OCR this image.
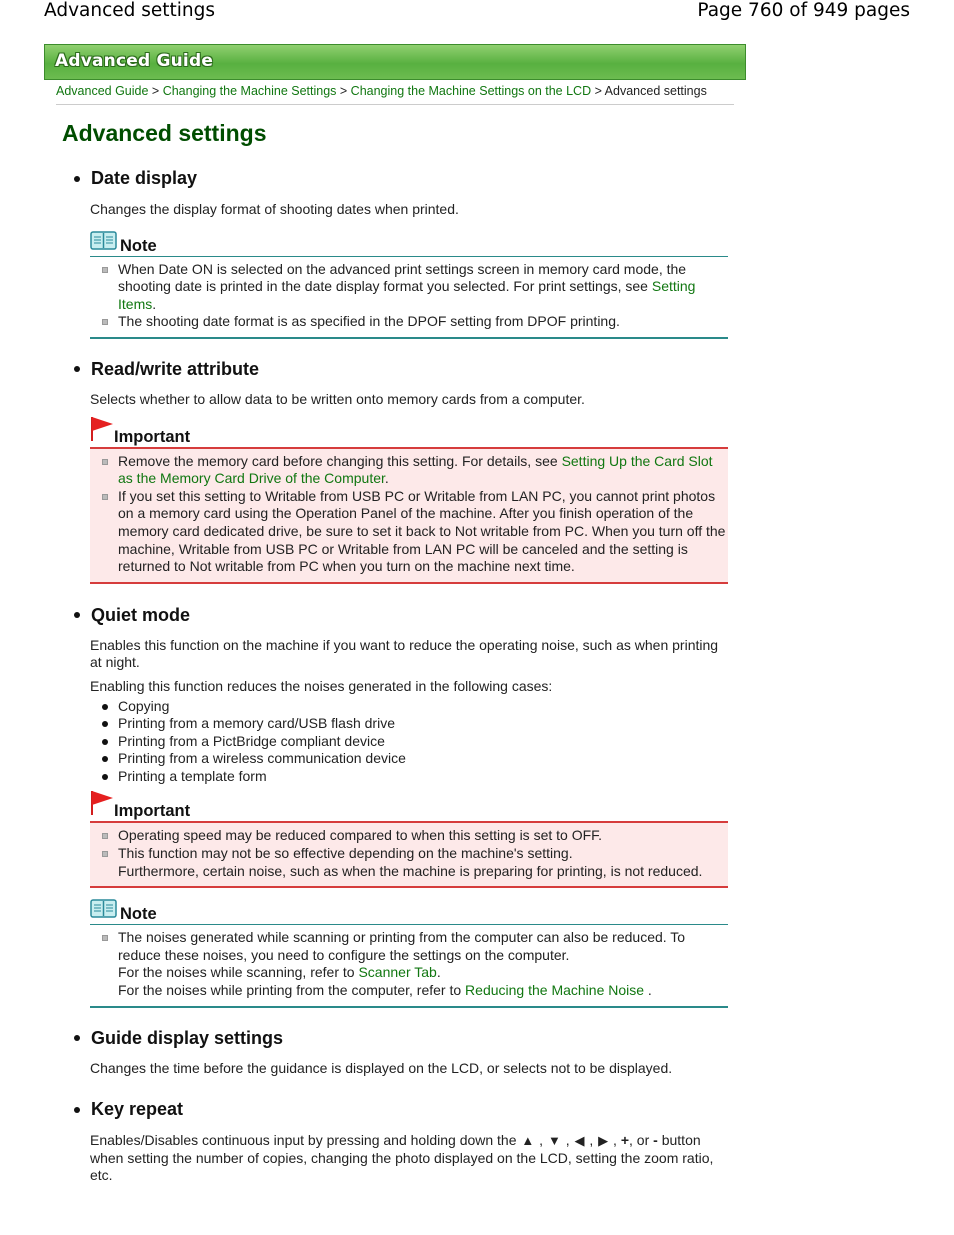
Advanced settings	Page 760 of 949 pages
Advanced Guide
Advanced Guide > Changing the Machine Settings > Changing the Machine Settings on the LCD > Advanced settings
Advanced settings
Date display

Changes the display format of shooting dates when printed.

Note
When Date ON is selected on the advanced print settings screen in memory card mode, the shooting date is printed in the date display format you selected. For print settings, see Setting Items.
The shooting date format is as specified in the DPOF setting from DPOF printing.
Read/write attribute

Selects whether to allow data to be written onto memory cards from a computer.

Important
Remove the memory card before changing this setting. For details, see Setting Up the Card Slot as the Memory Card Drive of the Computer.
If you set this setting to Writable from USB PC or Writable from LAN PC, you cannot print photos on a memory card using the Operation Panel of the machine. After you finish operation of the memory card dedicated drive, be sure to set it back to Not writable from PC. When you turn off the machine, Writable from USB PC or Writable from LAN PC will be canceled and the setting is returned to Not writable from PC when you turn on the machine next time.
Quiet mode

Enables this function on the machine if you want to reduce the operating noise, such as when printing at night.

Enabling this function reduces the noises generated in the following cases:

Copying
Printing from a memory card/USB flash drive
Printing from a PictBridge compliant device
Printing from a wireless communication device
Printing a template form
Important
Operating speed may be reduced compared to when this setting is set to OFF.
This function may not be so effective depending on the machine's setting.
Furthermore, certain noise, such as when the machine is preparing for printing, is not reduced.
Note
The noises generated while scanning or printing from the computer can also be reduced. To reduce these noises, you need to configure the settings on the computer.
For the noises while scanning, refer to Scanner Tab.
For the noises while printing from the computer, refer to Reducing the Machine Noise .
Guide display settings

Changes the time before the guidance is displayed on the LCD, or selects not to be displayed.

Key repeat

Enables/Disables continuous input by pressing and holding down the ▲ , ▼ , ◀ , ▶ , +, or - button when setting the number of copies, changing the photo displayed on the LCD, setting the zoom ratio, etc.
